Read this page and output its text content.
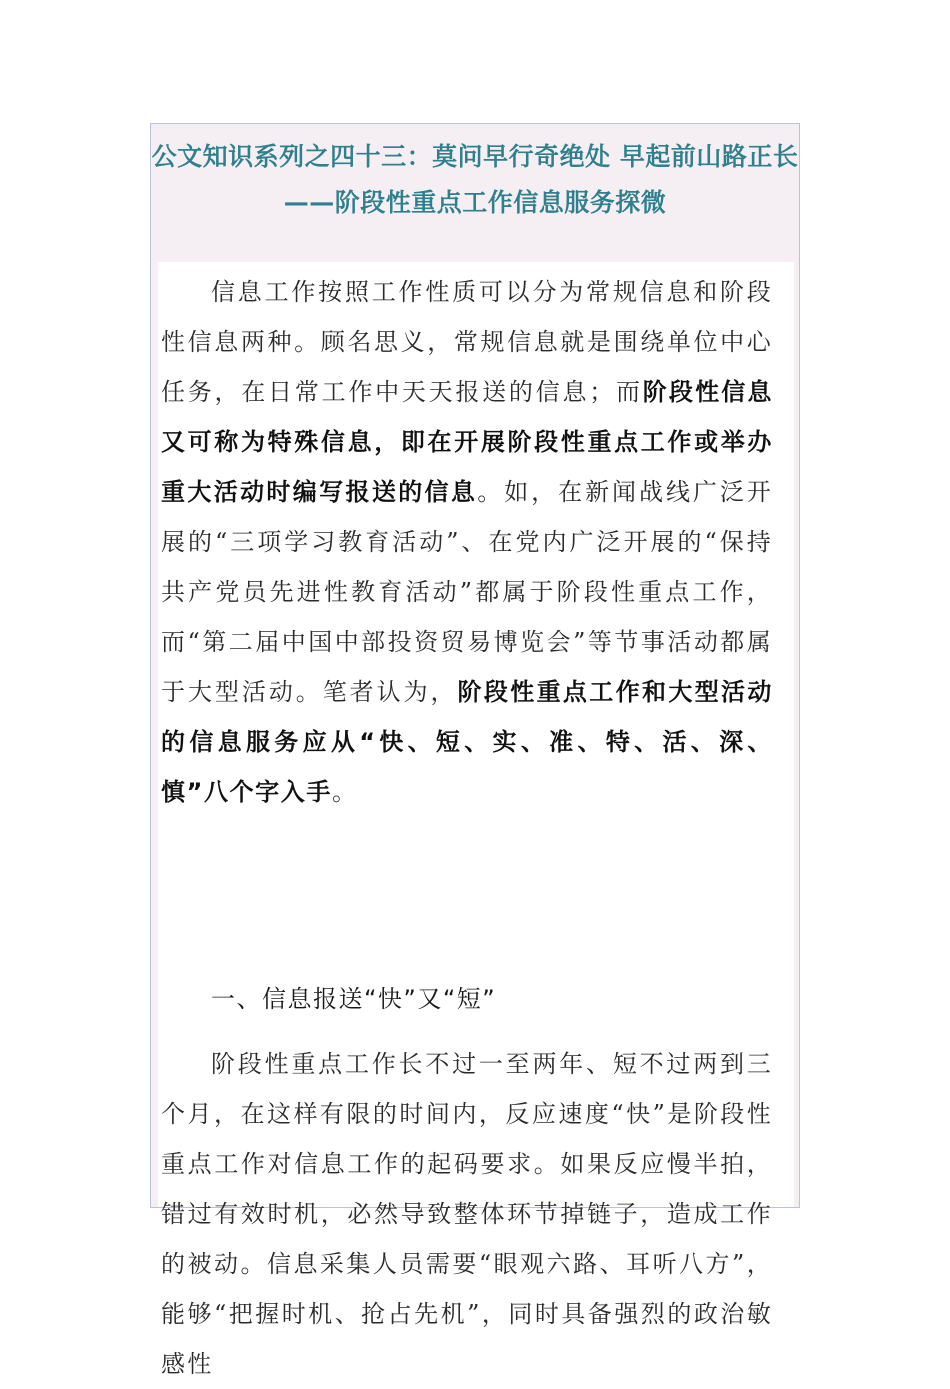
公文知识系列之四十三：莫问早行奇绝处 早起前山路正长——阶段性重点工作信息服务探微

信息工作按照工作性质可以分为常规信息和阶段性信息两种。顾名思义，常规信息就是围绕单位中心任务，在日常工作中天天报送的信息；而阶段性信息又可称为特殊信息，即在开展阶段性重点工作或举办重大活动时编写报送的信息。如，在新闻战线广泛开展的“三项学习教育活动”、在党内广泛开展的“保持共产党员先进性教育活动”都属于阶段性重点工作，而“第二届中国中部投资贸易博览会”等节事活动都属于大型活动。笔者认为，阶段性重点工作和大型活动的信息服务应从“快、短、实、准、特、活、深、慎”八个字入手。

一、信息报送“快”又“短”

阶段性重点工作长不过一至两年、短不过两到三个月，在这样有限的时间内，反应速度“快”是阶段性重点工作对信息工作的起码要求。如果反应慢半拍，错过有效时机，必然导致整体环节掉链子，造成工作的被动。信息采集人员需要“眼观六路、耳听八方”，能够“把握时机、抢占先机”，同时具备强烈的政治敏感性
